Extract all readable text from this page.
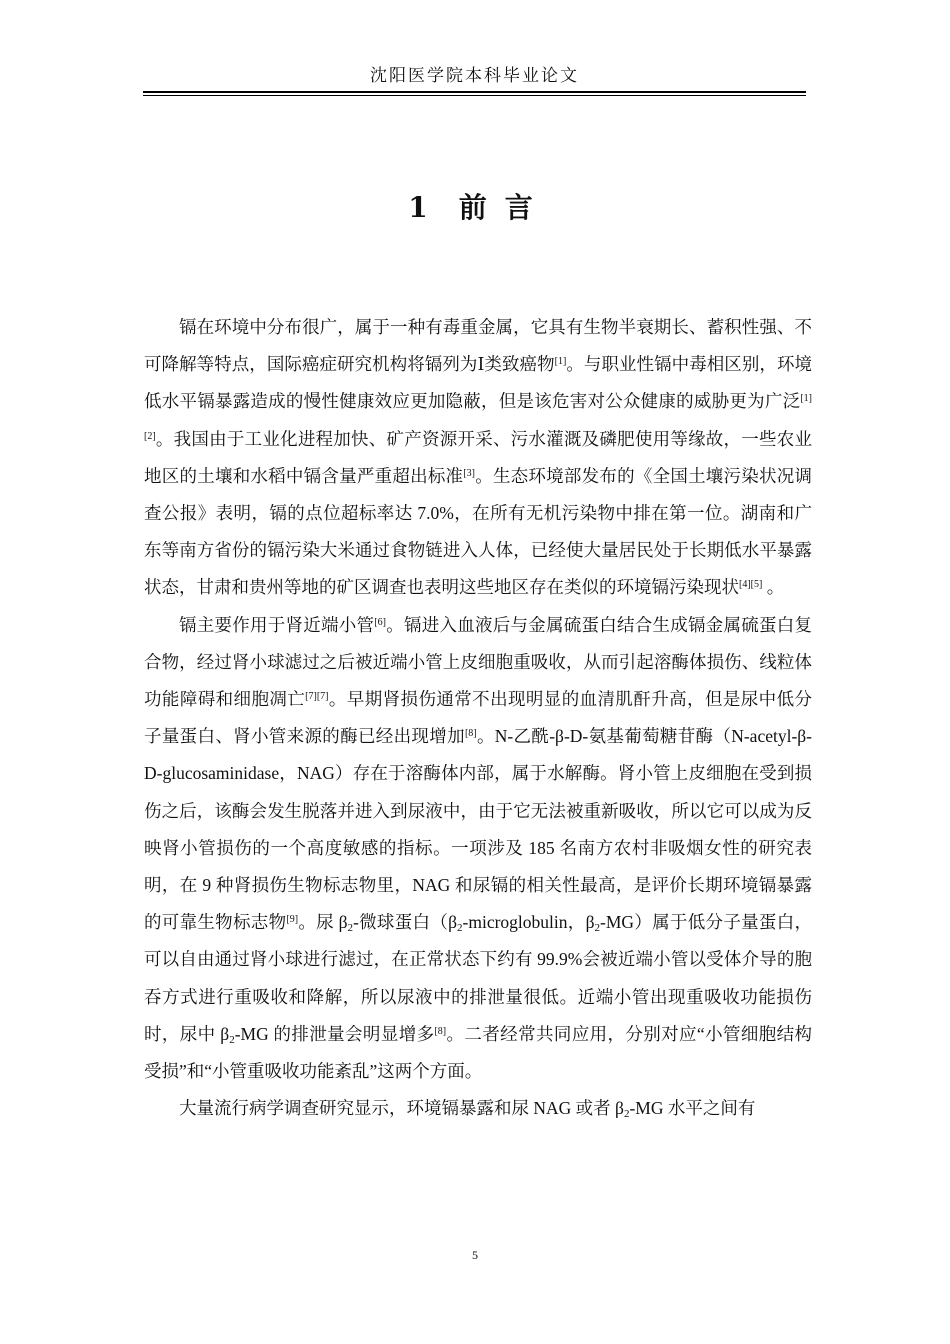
沈阳医学院本科毕业论文
1 前 言

镉在环境中分布很广，属于一种有毒重金属，它具有生物半衰期长、蓄积性强、不可降解等特点，国际癌症研究机构将镉列为Ⅰ类致癌物[1]。与职业性镉中毒相区别，环境低水平镉暴露造成的慢性健康效应更加隐蔽，但是该危害对公众健康的威胁更为广泛[1][2]。我国由于工业化进程加快、矿产资源开采、污水灌溉及磷肥使用等缘故，一些农业地区的土壤和水稻中镉含量严重超出标准[3]。生态环境部发布的《全国土壤污染状况调查公报》表明，镉的点位超标率达 7.0%，在所有无机污染物中排在第一位。湖南和广东等南方省份的镉污染大米通过食物链进入人体，已经使大量居民处于长期低水平暴露状态，甘肃和贵州等地的矿区调查也表明这些地区存在类似的环境镉污染现状[4][5] 。

镉主要作用于肾近端小管[6]。镉进入血液后与金属硫蛋白结合生成镉金属硫蛋白复合物，经过肾小球滤过之后被近端小管上皮细胞重吸收，从而引起溶酶体损伤、线粒体功能障碍和细胞凋亡[7][7]。早期肾损伤通常不出现明显的血清肌酐升高，但是尿中低分子量蛋白、肾小管来源的酶已经出现增加[8]。N-乙酰-β-D-氨基葡萄糖苷酶（N-acetyl-β-D-glucosaminidase，NAG）存在于溶酶体内部，属于水解酶。肾小管上皮细胞在受到损伤之后，该酶会发生脱落并进入到尿液中，由于它无法被重新吸收，所以它可以成为反映肾小管损伤的一个高度敏感的指标。一项涉及 185 名南方农村非吸烟女性的研究表明，在 9 种肾损伤生物标志物里，NAG 和尿镉的相关性最高，是评价长期环境镉暴露的可靠生物标志物[9]。尿 $\beta_2-$微球蛋白（$\beta_2$-microglobulin，$\beta_2-MG$）属于低分子量蛋白，可以自由通过肾小球进行滤过，在正常状态下约有 99.9%会被近端小管以受体介导的胞吞方式进行重吸收和降解，所以尿液中的排泄量很低。近端小管出现重吸收功能损伤时，尿中 $\beta_2-MG$ 的排泄量会明显增多[8]。二者经常共同应用，分别对应“小管细胞结构受损”和“小管重吸收功能紊乱”这两个方面。

大量流行病学调查研究显示，环境镉暴露和尿 NAG 或者 $\beta_2-MG$ 水平之间有

5
